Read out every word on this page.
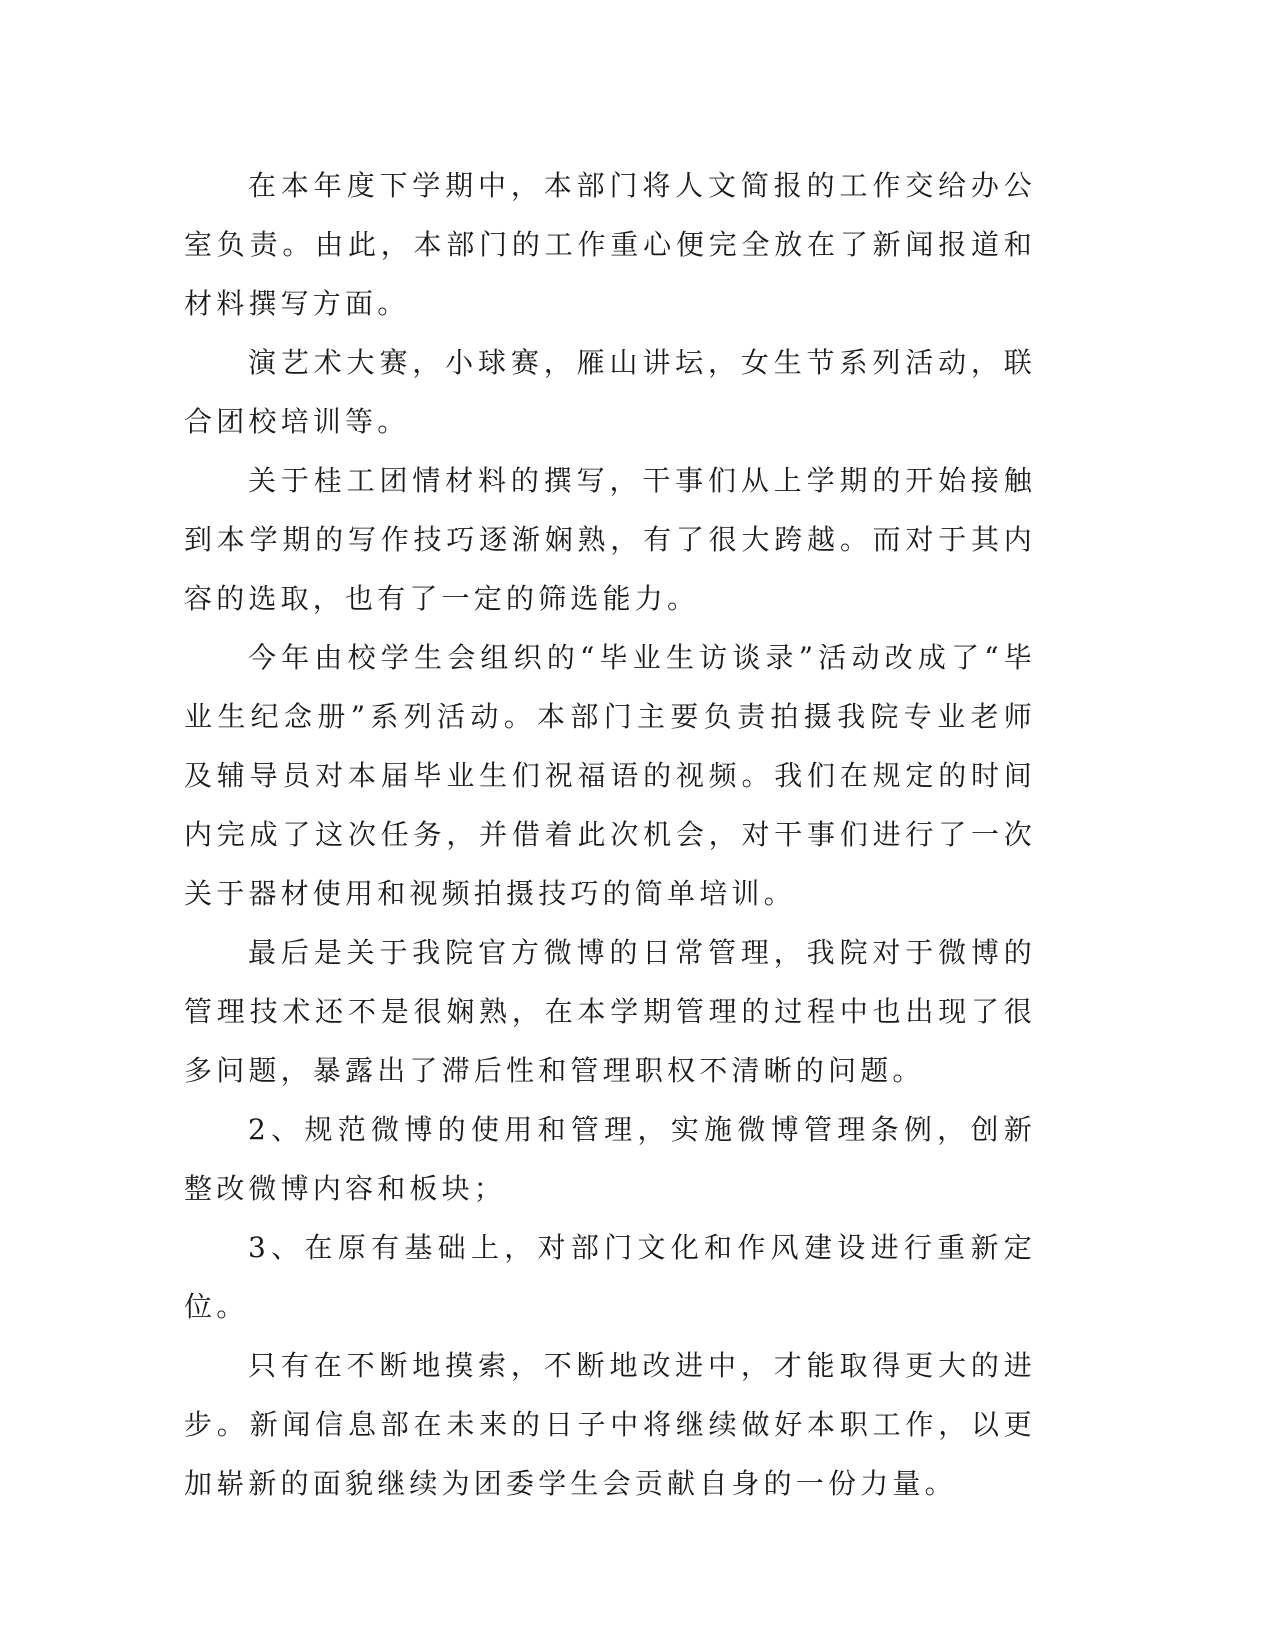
在本年度下学期中，本部门将人文简报的工作交给办公室负责。由此，本部门的工作重心便完全放在了新闻报道和材料撰写方面。

演艺术大赛，小球赛，雁山讲坛，女生节系列活动，联合团校培训等。

关于桂工团情材料的撰写，干事们从上学期的开始接触到本学期的写作技巧逐渐娴熟，有了很大跨越。而对于其内容的选取，也有了一定的筛选能力。

今年由校学生会组织的“毕业生访谈录”活动改成了“毕业生纪念册”系列活动。本部门主要负责拍摄我院专业老师及辅导员对本届毕业生们祝福语的视频。我们在规定的时间内完成了这次任务，并借着此次机会，对干事们进行了一次关于器材使用和视频拍摄技巧的简单培训。

最后是关于我院官方微博的日常管理，我院对于微博的管理技术还不是很娴熟，在本学期管理的过程中也出现了很多问题，暴露出了滞后性和管理职权不清晰的问题。

2、规范微博的使用和管理，实施微博管理条例，创新整改微博内容和板块；

3、在原有基础上，对部门文化和作风建设进行重新定位。

只有在不断地摸索，不断地改进中，才能取得更大的进步。新闻信息部在未来的日子中将继续做好本职工作，以更加崭新的面貌继续为团委学生会贡献自身的一份力量。
